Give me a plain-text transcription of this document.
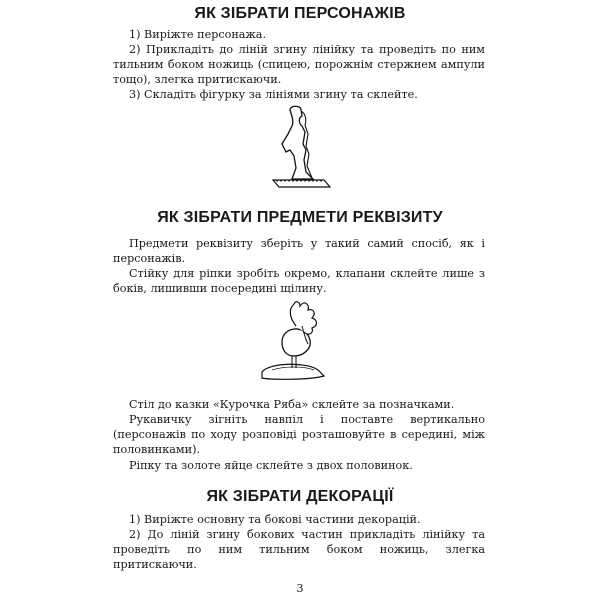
ЯК ЗІБРАТИ ПЕРСОНАЖІВ

1) Виріжте персонажа.

2) Прикладіть до ліній згину лінійку та проведіть по ним тильним боком ножиць (спицею, порожнім стержнем ампули тощо), злегка притискаючи.

3) Складіть фігурку за лініями згину та склейте.

ЯК ЗІБРАТИ ПРЕДМЕТИ РЕКВІЗИТУ

Предмети реквізиту зберіть у такий самий спосіб, як і персонажів.

Стійку для ріпки зробіть окремо, клапани склейте лише з боків, лишивши посередині щілину.

Стіл до казки «Курочка Ряба» склейте за позначками.

Рукавичку зігніть навпіл і поставте вертикально (персонажів по ходу розповіді розташовуйте в середині, між половинками).

Ріпку та золоте яйце склейте з двох половинок.

ЯК ЗІБРАТИ ДЕКОРАЦІЇ

1) Виріжте основну та бокові частини декорацій.

2) До ліній згину бокових частин прикладіть лінійку та проведіть по ним тильним боком ножиць, злегка притискаючи.

3
